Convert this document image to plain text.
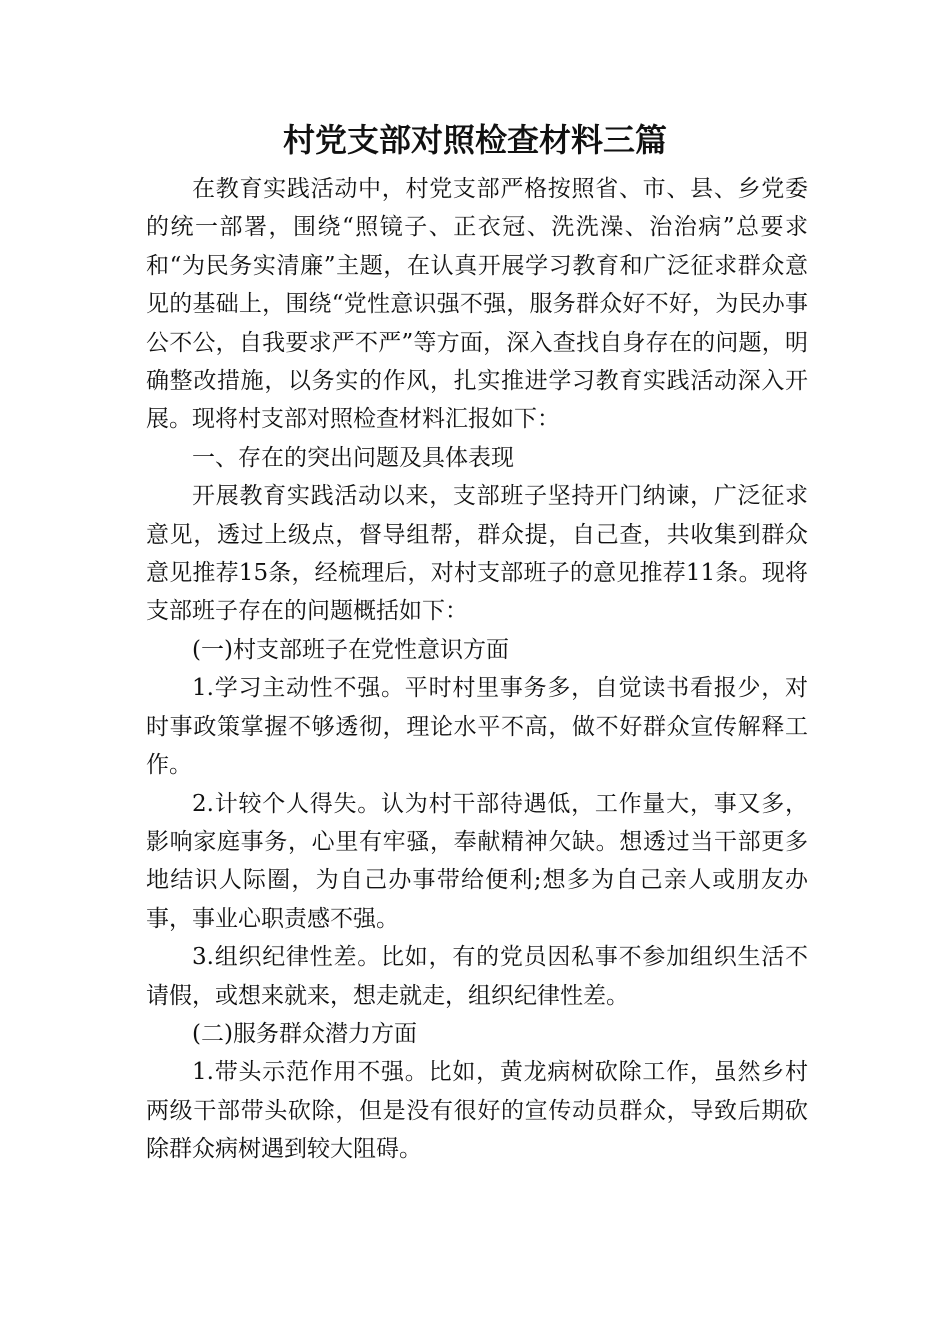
村党支部对照检查材料三篇

在教育实践活动中，村党支部严格按照省、市、县、乡党委的统一部署，围绕“照镜子、正衣冠、洗洗澡、治治病”总要求和“为民务实清廉”主题，在认真开展学习教育和广泛征求群众意见的基础上，围绕“党性意识强不强，服务群众好不好，为民办事公不公，自我要求严不严”等方面，深入查找自身存在的问题，明确整改措施，以务实的作风，扎实推进学习教育实践活动深入开展。现将村支部对照检查材料汇报如下：

一、存在的突出问题及具体表现

开展教育实践活动以来，支部班子坚持开门纳谏，广泛征求意见，透过上级点，督导组帮，群众提，自己查，共收集到群众意见推荐15条，经梳理后，对村支部班子的意见推荐11条。现将支部班子存在的问题概括如下：

(一)村支部班子在党性意识方面

1.学习主动性不强。平时村里事务多，自觉读书看报少，对时事政策掌握不够透彻，理论水平不高，做不好群众宣传解释工作。

2.计较个人得失。认为村干部待遇低，工作量大，事又多，影响家庭事务，心里有牢骚，奉献精神欠缺。想透过当干部更多地结识人际圈，为自己办事带给便利;想多为自己亲人或朋友办事，事业心职责感不强。

3.组织纪律性差。比如，有的党员因私事不参加组织生活不请假，或想来就来，想走就走，组织纪律性差。

(二)服务群众潜力方面

1.带头示范作用不强。比如，黄龙病树砍除工作，虽然乡村两级干部带头砍除，但是没有很好的宣传动员群众，导致后期砍除群众病树遇到较大阻碍。
